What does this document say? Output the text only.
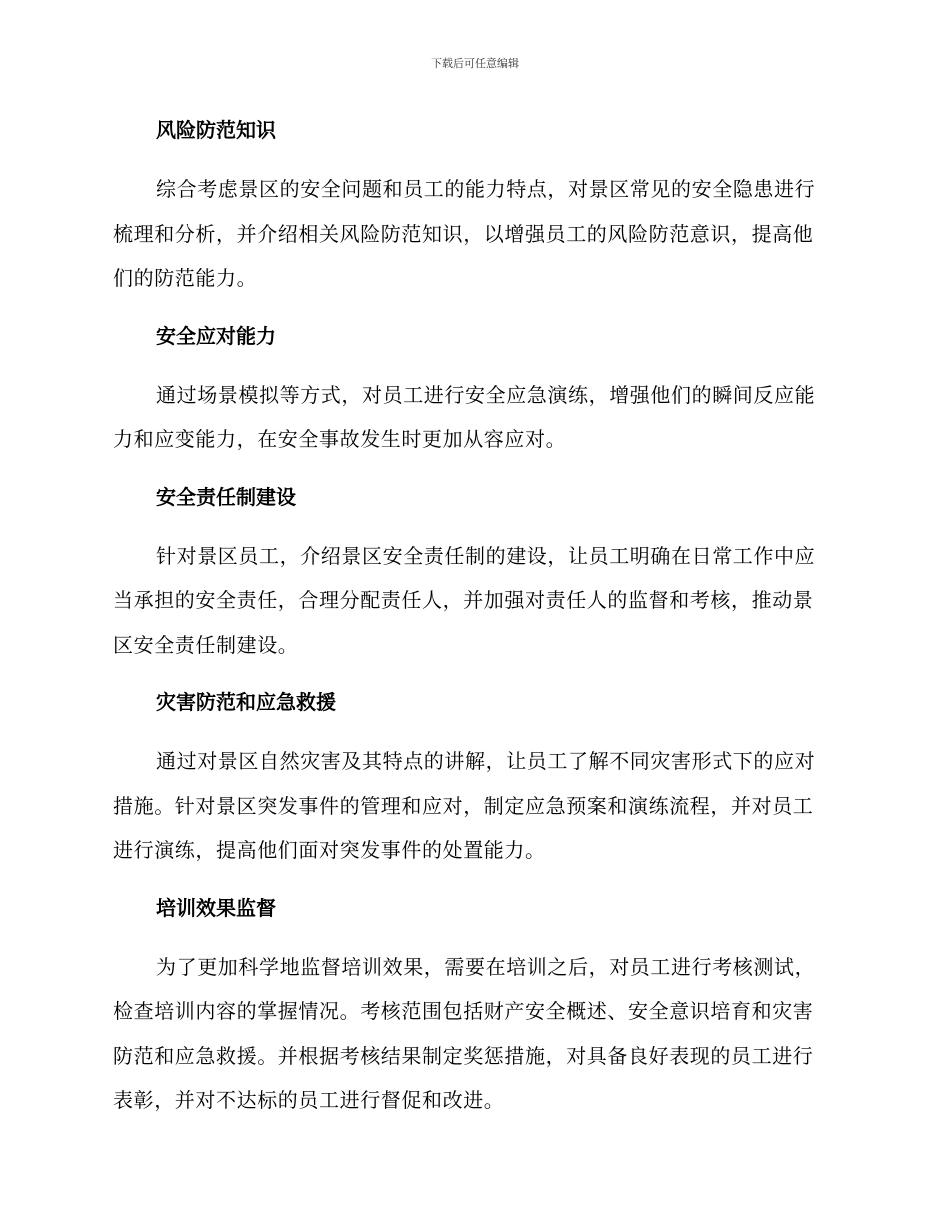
下载后可任意编辑

风险防范知识

综合考虑景区的安全问题和员工的能力特点，对景区常见的安全隐患进行梳理和分析，并介绍相关风险防范知识，以增强员工的风险防范意识，提高他们的防范能力。

安全应对能力

通过场景模拟等方式，对员工进行安全应急演练，增强他们的瞬间反应能力和应变能力，在安全事故发生时更加从容应对。

安全责任制建设

针对景区员工，介绍景区安全责任制的建设，让员工明确在日常工作中应当承担的安全责任，合理分配责任人，并加强对责任人的监督和考核，推动景区安全责任制建设。

灾害防范和应急救援

通过对景区自然灾害及其特点的讲解，让员工了解不同灾害形式下的应对措施。针对景区突发事件的管理和应对，制定应急预案和演练流程，并对员工进行演练，提高他们面对突发事件的处置能力。

培训效果监督

为了更加科学地监督培训效果，需要在培训之后，对员工进行考核测试，检查培训内容的掌握情况。考核范围包括财产安全概述、安全意识培育和灾害防范和应急救援。并根据考核结果制定奖惩措施，对具备良好表现的员工进行表彰，并对不达标的员工进行督促和改进。
